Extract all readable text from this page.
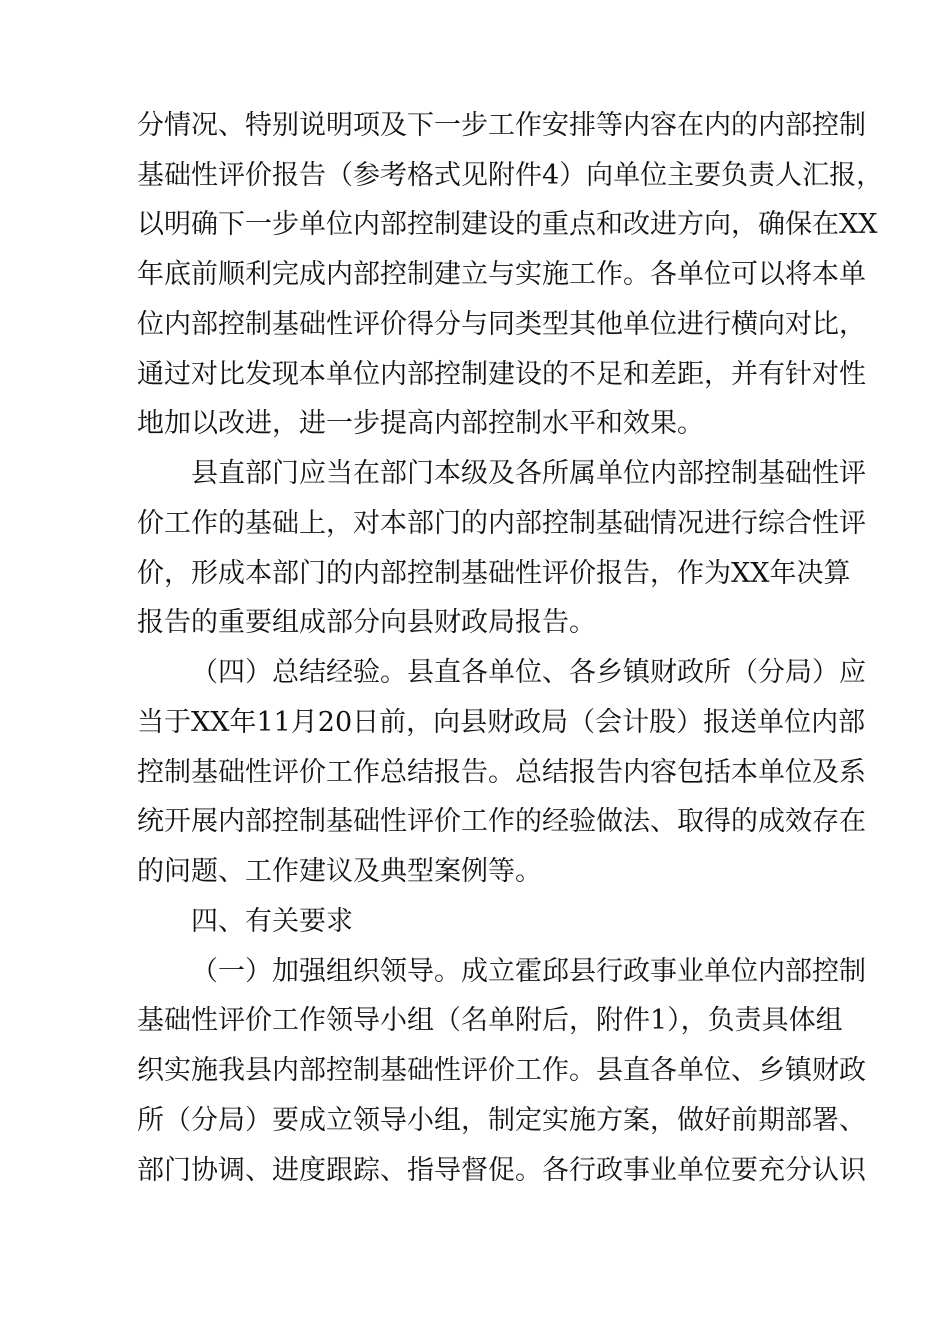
分情况、特别说明项及下一步工作安排等内容在内的内部控制
基础性评价报告（参考格式见附件4）向单位主要负责人汇报，
以明确下一步单位内部控制建设的重点和改进方向，确保在XX
年底前顺利完成内部控制建立与实施工作。各单位可以将本单
位内部控制基础性评价得分与同类型其他单位进行横向对比，
通过对比发现本单位内部控制建设的不足和差距，并有针对性
地加以改进，进一步提高内部控制水平和效果。
县直部门应当在部门本级及各所属单位内部控制基础性评
价工作的基础上，对本部门的内部控制基础情况进行综合性评
价，形成本部门的内部控制基础性评价报告，作为XX年决算
报告的重要组成部分向县财政局报告。
（四）总结经验。县直各单位、各乡镇财政所（分局）应
当于XX年11月20日前，向县财政局（会计股）报送单位内部
控制基础性评价工作总结报告。总结报告内容包括本单位及系
统开展内部控制基础性评价工作的经验做法、取得的成效存在
的问题、工作建议及典型案例等。
四、有关要求
（一）加强组织领导。成立霍邱县行政事业单位内部控制
基础性评价工作领导小组（名单附后，附件1），负责具体组
织实施我县内部控制基础性评价工作。县直各单位、乡镇财政
所（分局）要成立领导小组，制定实施方案，做好前期部署、
部门协调、进度跟踪、指导督促。各行政事业单位要充分认识
